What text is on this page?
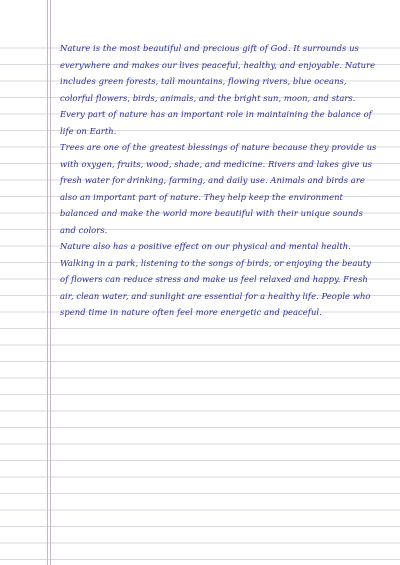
Nature is the most beautiful and precious gift of God. It surrounds us everywhere and makes our lives peaceful, healthy, and enjoyable. Nature includes green forests, tall mountains, flowing rivers, blue oceans, colorful flowers, birds, animals, and the bright sun, moon, and stars. Every part of nature has an important role in maintaining the balance of life on Earth.

Trees are one of the greatest blessings of nature because they provide us with oxygen, fruits, wood, shade, and medicine. Rivers and lakes give us fresh water for drinking, farming, and daily use. Animals and birds are also an important part of nature. They help keep the environment balanced and make the world more beautiful with their unique sounds and colors.

Nature also has a positive effect on our physical and mental health. Walking in a park, listening to the songs of birds, or enjoying the beauty of flowers can reduce stress and make us feel relaxed and happy. Fresh air, clean water, and sunlight are essential for a healthy life. People who spend time in nature often feel more energetic and peaceful.
